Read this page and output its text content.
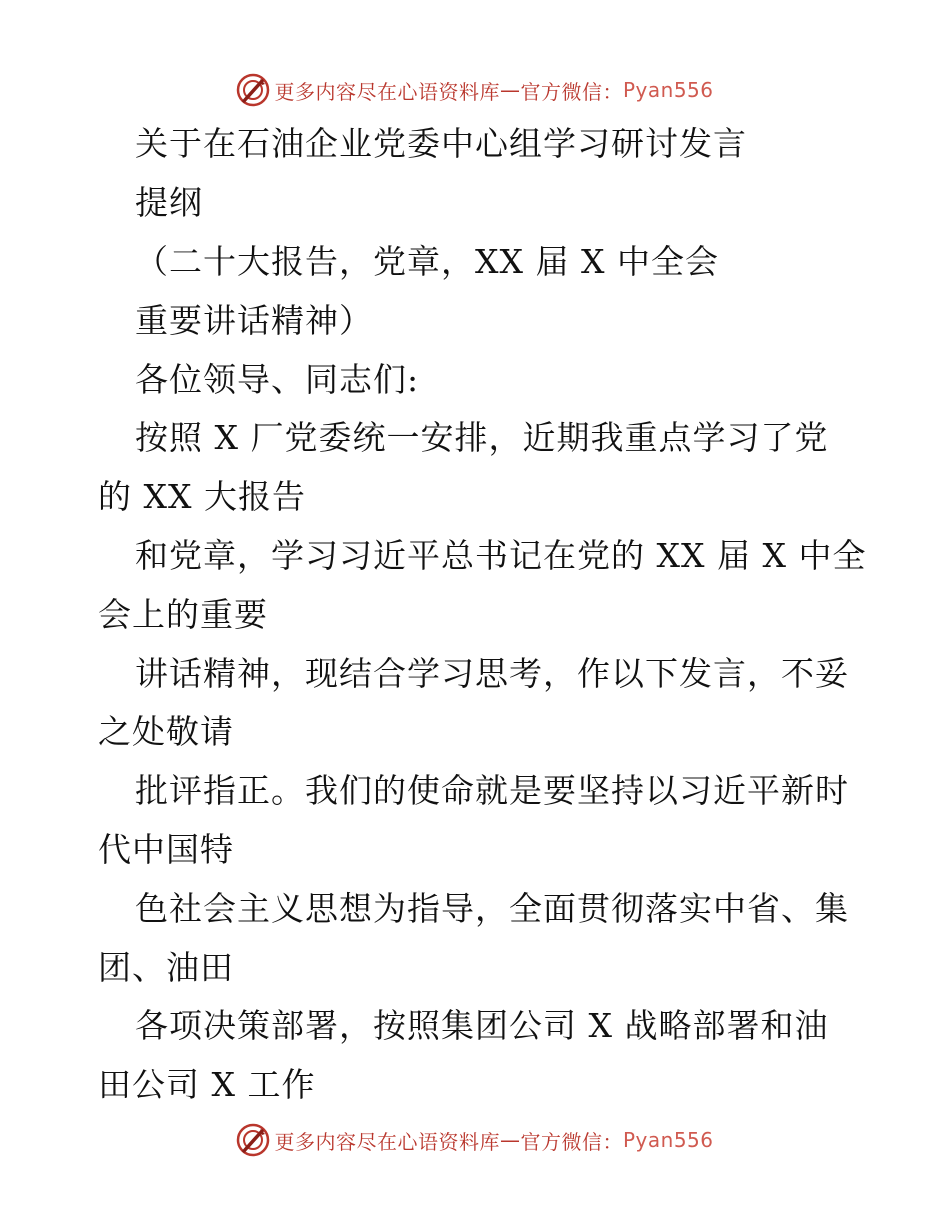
更多内容尽在心语资料库 — 官方微信： Pyan556
关于在石油企业党委中心组学习研讨发言
提纲
（二十大报告，党章，XX 届 X 中全会
重要讲话精神）
各位领导、同志们:
按照 X 厂党委统一安排，近期我重点学习了党
的 XX 大报告
和党章，学习习近平总书记在党的 XX 届 X 中全
会上的重要
讲话精神，现结合学习思考，作以下发言，不妥
之处敬请
批评指正。我们的使命就是要坚持以习近平新时
代中国特
色社会主义思想为指导，全面贯彻落实中省、集
团、油田
各项决策部署，按照集团公司 X 战略部署和油
田公司 X 工作
更多内容尽在心语资料库 — 官方微信： Pyan556
